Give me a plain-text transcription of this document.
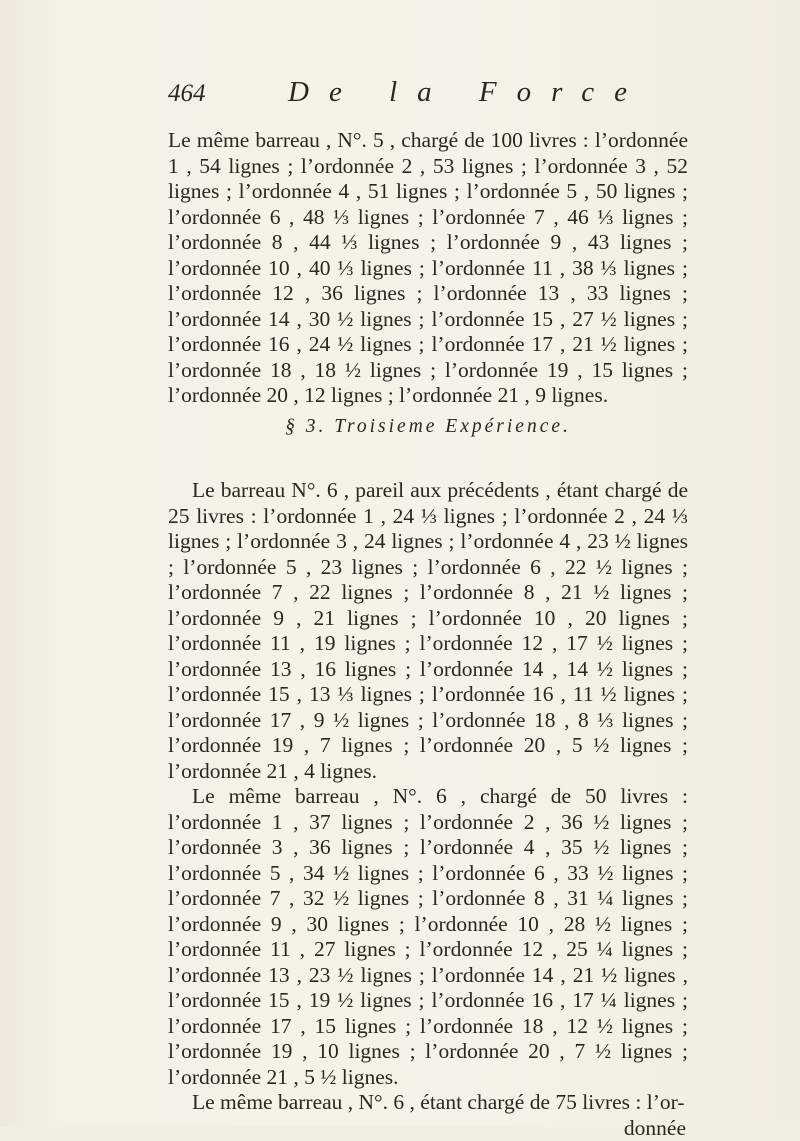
464	De la Force

Le même barreau , N°. 5 , chargé de 100 livres : l’ordonnée 1 , 54 lignes ; l’ordonnée 2 , 53 lignes ; l’ordonnée 3 , 52 lignes ; l’ordonnée 4 , 51 lignes ; l’ordonnée 5 , 50 lignes ; l’ordonnée 6 , 48 ⅓ lignes ; l’ordonnée 7 , 46 ⅓ lignes ; l’ordonnée 8 , 44 ⅓ lignes ; l’ordonnée 9 , 43 lignes ; l’ordonnée 10 , 40 ⅓ lignes ; l’ordonnée 11 , 38 ⅓ lignes ; l’ordonnée 12 , 36 lignes ; l’ordonnée 13 , 33 lignes ; l’ordonnée 14 , 30 ½ lignes ; l’ordonnée 15 , 27 ½ lignes ; l’ordonnée 16 , 24 ½ lignes ; l’ordonnée 17 , 21 ½ lignes ; l’ordonnée 18 , 18 ½ lignes ; l’ordonnée 19 , 15 lignes ; l’ordonnée 20 , 12 lignes ; l’ordonnée 21 , 9 lignes.

§ 3. Troisieme Expérience.

Le barreau N°. 6 , pareil aux précédents , étant chargé de 25 livres : l’ordonnée 1 , 24 ⅓ lignes ; l’ordonnée 2 , 24 ⅓ lignes ; l’ordonnée 3 , 24 lignes ; l’ordonnée 4 , 23 ½ lignes ; l’ordonnée 5 , 23 lignes ; l’ordonnée 6 , 22 ½ lignes ; l’ordonnée 7 , 22 lignes ; l’ordonnée 8 , 21 ½ lignes ; l’ordonnée 9 , 21 lignes ; l’ordonnée 10 , 20 lignes ; l’ordonnée 11 , 19 lignes ; l’ordonnée 12 , 17 ½ lignes ; l’ordonnée 13 , 16 lignes ; l’ordonnée 14 , 14 ½ lignes ; l’ordonnée 15 , 13 ⅓ lignes ; l’ordonnée 16 , 11 ½ lignes ; l’ordonnée 17 , 9 ½ lignes ; l’ordonnée 18 , 8 ⅓ lignes ; l’ordonnée 19 , 7 lignes ; l’ordonnée 20 , 5 ½ lignes ; l’ordonnée 21 , 4 lignes.

Le même barreau , N°. 6 , chargé de 50 livres : l’ordonnée 1 , 37 lignes ; l’ordonnée 2 , 36 ½ lignes ; l’ordonnée 3 , 36 lignes ; l’ordonnée 4 , 35 ½ lignes ; l’ordonnée 5 , 34 ½ lignes ; l’ordonnée 6 , 33 ½ lignes ; l’ordonnée 7 , 32 ½ lignes ; l’ordonnée 8 , 31 ¼ lignes ; l’ordonnée 9 , 30 lignes ; l’ordonnée 10 , 28 ½ lignes ; l’ordonnée 11 , 27 lignes ; l’ordonnée 12 , 25 ¼ lignes ; l’ordonnée 13 , 23 ½ lignes ; l’ordonnée 14 , 21 ½ lignes , l’ordonnée 15 , 19 ½ lignes ; l’ordonnée 16 , 17 ¼ lignes ; l’ordonnée 17 , 15 lignes ; l’ordonnée 18 , 12 ½ lignes ; l’ordonnée 19 , 10 lignes ; l’ordonnée 20 , 7 ½ lignes ; l’ordonnée 21 , 5 ½ lignes.

Le même barreau , N°. 6 , étant chargé de 75 livres : l’or-

donnée
